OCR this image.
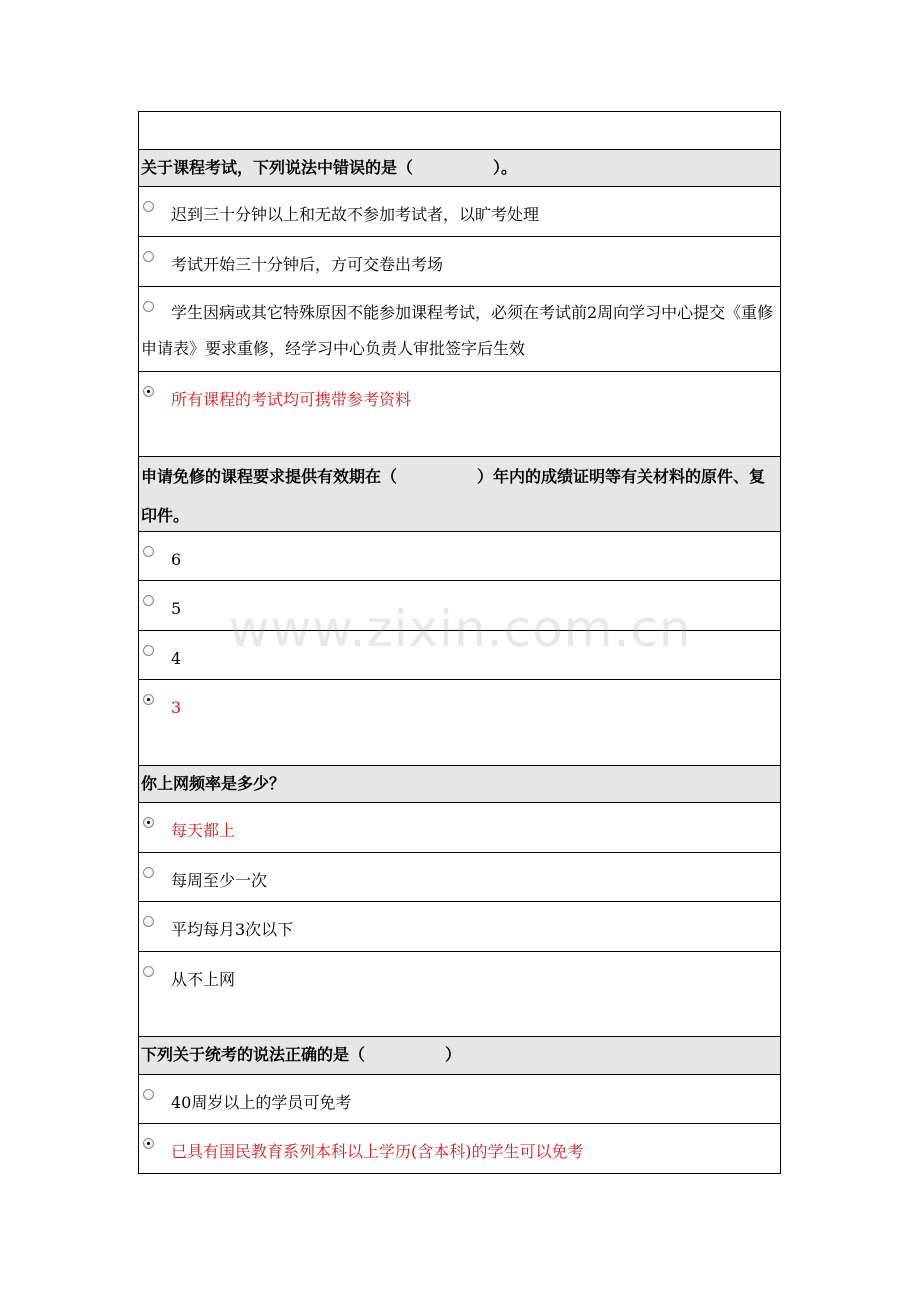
关于课程考试，下列说法中错误的是（　　　　　）。
迟到三十分钟以上和无故不参加考试者，以旷考处理
考试开始三十分钟后，方可交卷出考场
学生因病或其它特殊原因不能参加课程考试，必须在考试前2周向学习中心提交《重修申请表》要求重修，经学习中心负责人审批签字后生效
所有课程的考试均可携带参考资料
申请免修的课程要求提供有效期在（　　　　　）年内的成绩证明等有关材料的原件、复印件。
6
5
4
3
你上网频率是多少？
每天都上
每周至少一次
平均每月3次以下
从不上网
下列关于统考的说法正确的是（　　　　　）
40周岁以上的学员可免考
已具有国民教育系列本科以上学历(含本科)的学生可以免考
www.zixin.com.cn
